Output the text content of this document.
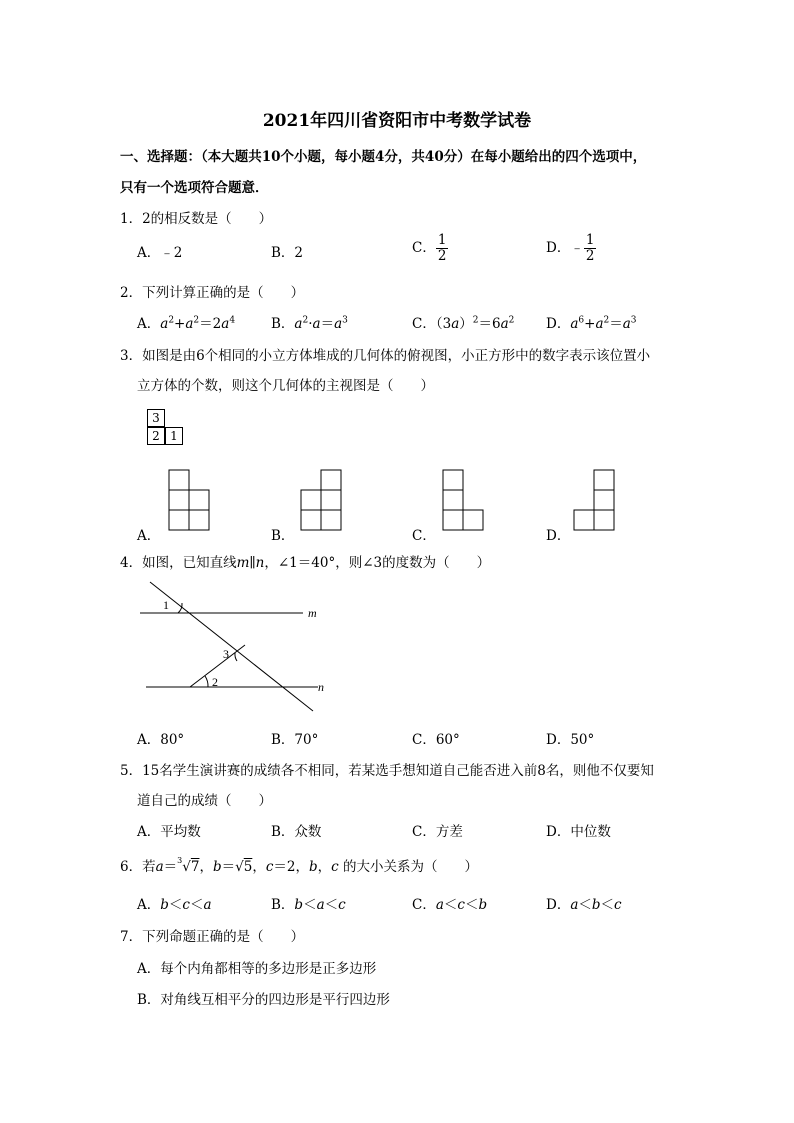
2021年四川省资阳市中考数学试卷
一、选择题：（本大题共10个小题，每小题4分，共40分）在每小题给出的四个选项中，
只有一个选项符合题意．
1．2的相反数是（　　）
A．﹣2	B．2	C． $\frac{1}{2}$	D．﹣ $\frac{1}{2}$
2．下列计算正确的是（　　）
A．$a^2+a^2=2a^4$	B．$a^2\cdot a=a^3$	C．$(3a)^2=6a^2$ D．$a^6+a^2=a^3$
3．如图是由6个相同的小立方体堆成的几何体的俯视图，小正方形中的数字表示该位置小
立方体的个数，则这个几何体的主视图是（　　）
3
2 1
A．	B．	C．	D．
4．如图，已知直线m∥n，∠1＝40°，则∠3的度数为（　　）
m
n
1
2
3
A．80°	B．70°	C．60°	D．50°
5．15名学生演讲赛的成绩各不相同，若某选手想知道自己能否进入前8名，则他不仅要知
道自己的成绩（　　）
A．平均数	B．众数	C．方差	D．中位数
6．若a＝$^3$√7，b＝√5，c＝2，b，c 的大小关系为（　　）
A．b＜c＜a	B．b＜a＜c	C．a＜c＜b	D．a＜b＜c
7．下列命题正确的是（　　）
A．每个内角都相等的多边形是正多边形
B．对角线互相平分的四边形是平行四边形
